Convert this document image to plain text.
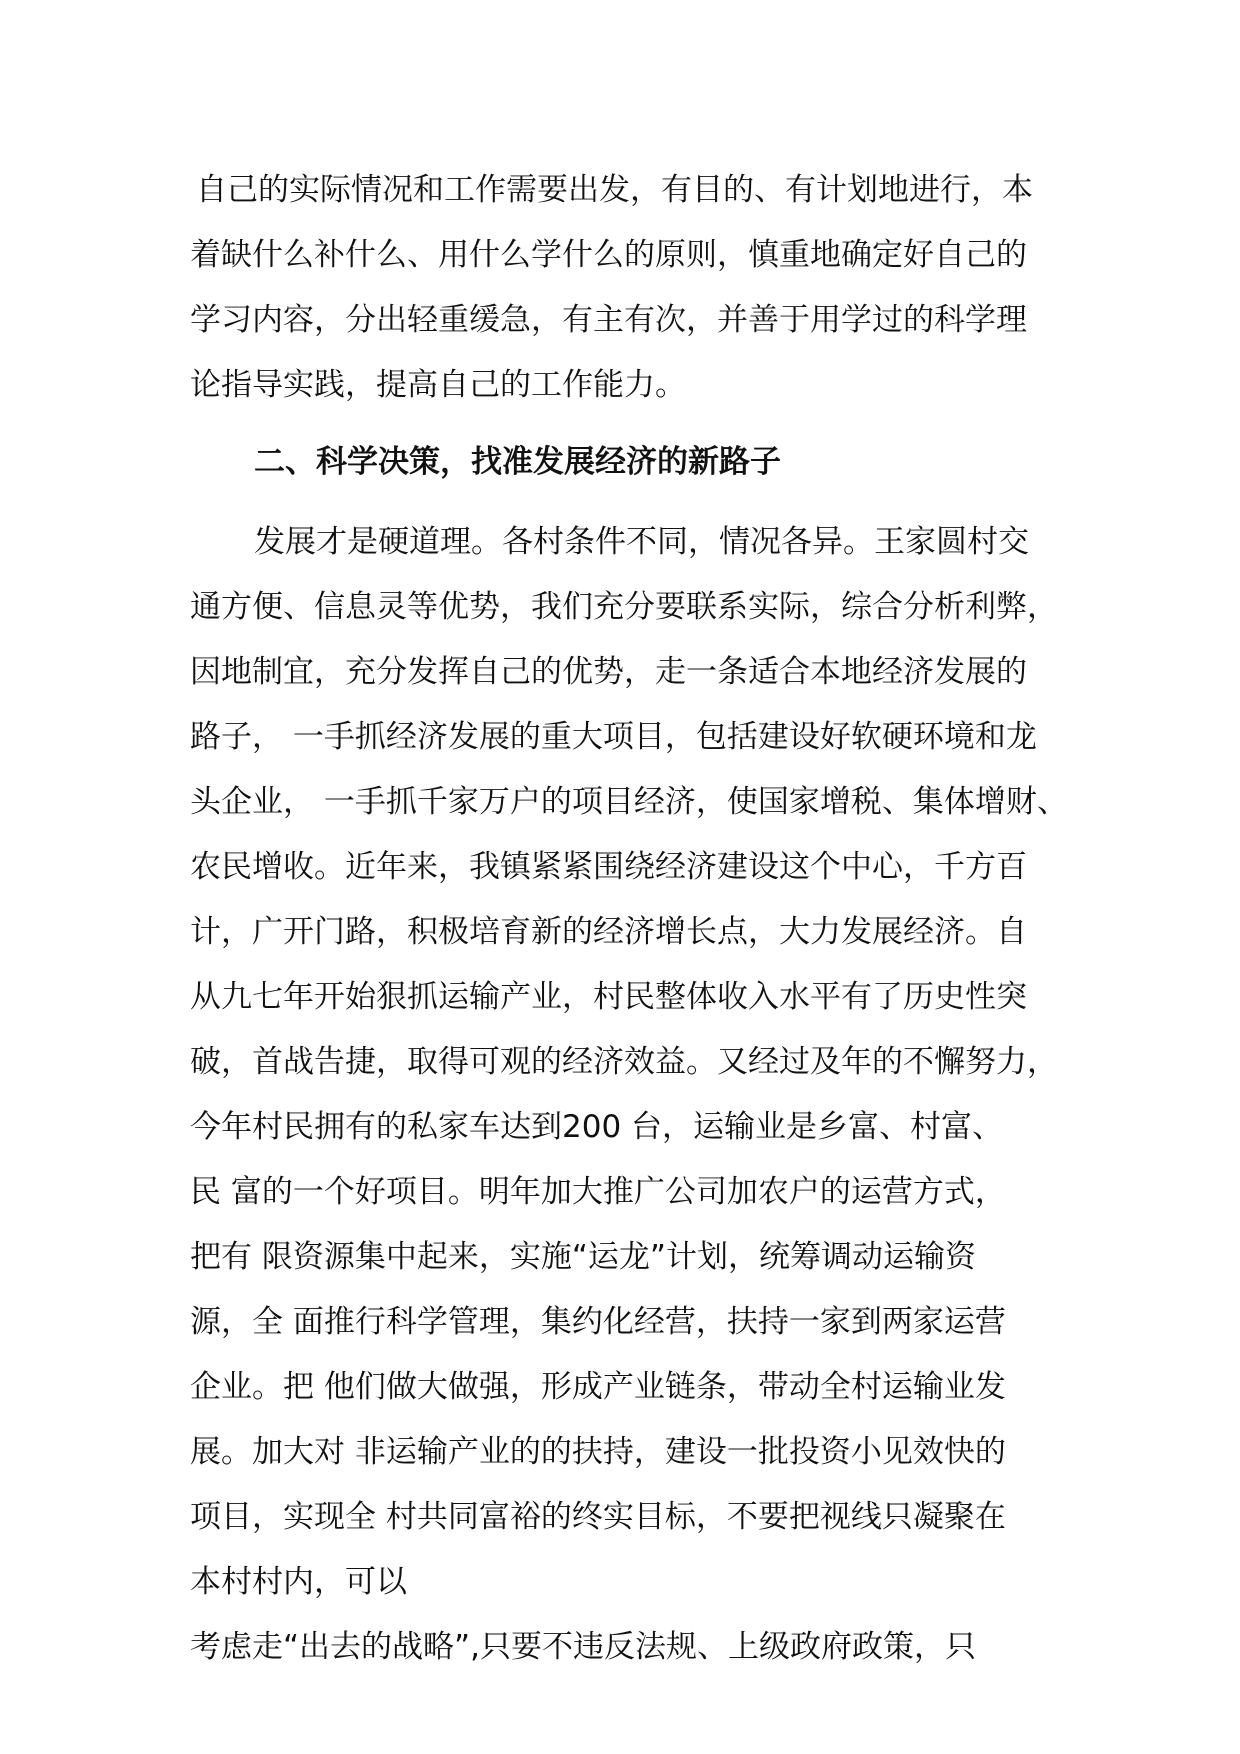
自己的实际情况和工作需要出发，有目的、有计划地进行，本
着缺什么补什么、用什么学什么的原则，慎重地确定好自己的
学习内容，分出轻重缓急，有主有次，并善于用学过的科学理
论指导实践，提高自己的工作能力。
二、科学决策，找准发展经济的新路子
发展才是硬道理。各村条件不同，情况各异。王家圆村交
通方便、信息灵等优势，我们充分要联系实际，综合分析利弊，
因地制宜，充分发挥自己的优势，走一条适合本地经济发展的
路子， 一手抓经济发展的重大项目，包括建设好软硬环境和龙
头企业， 一手抓千家万户的项目经济，使国家增税、集体增财、
农民增收。近年来，我镇紧紧围绕经济建设这个中心，千方百
计，广开门路，积极培育新的经济增长点，大力发展经济。自
从九七年开始狠抓运输产业，村民整体收入水平有了历史性突
破，首战告捷，取得可观的经济效益。又经过及年的不懈努力，
今年村民拥有的私家车达到200 台，运输业是乡富、村富、
民 富的一个好项目。明年加大推广公司加农户的运营方式，
把有 限资源集中起来，实施“运龙”计划，统筹调动运输资
源，全 面推行科学管理，集约化经营，扶持一家到两家运营
企业。把 他们做大做强，形成产业链条，带动全村运输业发
展。加大对 非运输产业的的扶持，建设一批投资小见效快的
项目，实现全 村共同富裕的终实目标，不要把视线只凝聚在
本村村内，可以
考虑走“出去的战略”,只要不违反法规、上级政府政策，只
